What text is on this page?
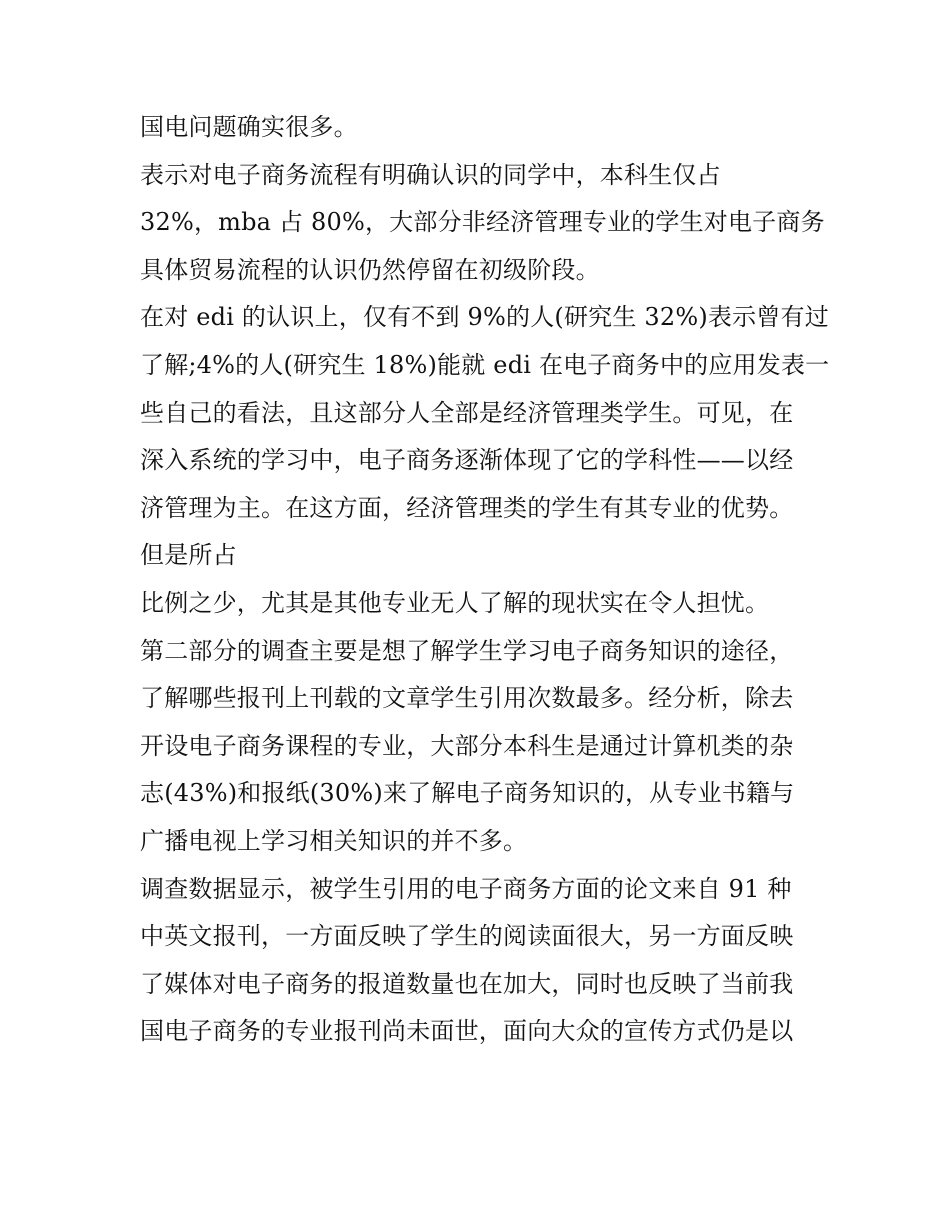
国电问题确实很多。
表示对电子商务流程有明确认识的同学中，本科生仅占
32%，mba 占 80%，大部分非经济管理专业的学生对电子商务
具体贸易流程的认识仍然停留在初级阶段。
在对 edi 的认识上，仅有不到 9%的人(研究生 32%)表示曾有过
了解;4%的人(研究生 18%)能就 edi 在电子商务中的应用发表一
些自己的看法，且这部分人全部是经济管理类学生。可见，在
深入系统的学习中，电子商务逐渐体现了它的学科性——以经
济管理为主。在这方面，经济管理类的学生有其专业的优势。
但是所占
比例之少，尤其是其他专业无人了解的现状实在令人担忧。
第二部分的调查主要是想了解学生学习电子商务知识的途径，
了解哪些报刊上刊载的文章学生引用次数最多。经分析，除去
开设电子商务课程的专业，大部分本科生是通过计算机类的杂
志(43%)和报纸(30%)来了解电子商务知识的，从专业书籍与
广播电视上学习相关知识的并不多。
调查数据显示，被学生引用的电子商务方面的论文来自 91 种
中英文报刊，一方面反映了学生的阅读面很大，另一方面反映
了媒体对电子商务的报道数量也在加大，同时也反映了当前我
国电子商务的专业报刊尚未面世，面向大众的宣传方式仍是以
